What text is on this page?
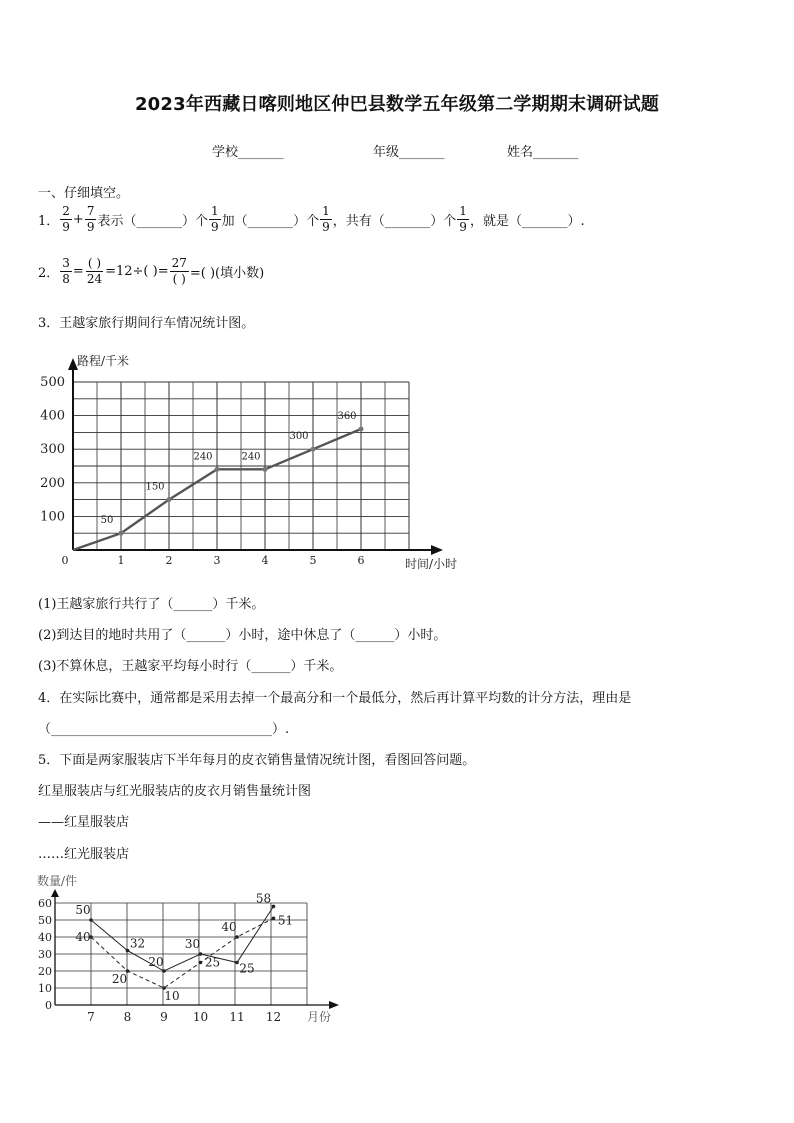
2023年西藏日喀则地区仲巴县数学五年级第二学期期末调研试题
学校_______	年级_______	姓名_______
一、仔细填空。
1． $\frac{2}{9} + \frac{7}{9}$ 表示（_______）个 $\frac{1}{9}$ 加（_______）个 $\frac{1}{9}$ ，共有（_______）个 $\frac{1}{9}$ ，就是（_______）.
2． $\frac{3}{8} = \frac{( )}{24} =12\div$( )= $\frac{27}{( )}$ =( )(填小数)
3．王越家旅行期间行车情况统计图。
100
200
300
400
500
0	1	2	3	4	5	6
路程/千米
时间/小时
50
150
240	240
300
360
(1)王越家旅行共行了（______）千米。
(2)到达目的地时共用了（______）小时，途中休息了（______）小时。
(3)不算休息，王越家平均每小时行（______）千米。
4．在实际比赛中，通常都是采用去掉一个最高分和一个最低分，然后再计算平均数的计分方法，理由是
（__________________________________）.
5．下面是两家服装店下半年每月的皮衣销售量情况统计图，看图回答问题。
红星服装店与红光服装店的皮衣月销售量统计图
——红星服装店
……红光服装店
0
10
20
30
40
50
60
7 8 9 10 11 12
数量/件
月份
50
32
20
30
25
58
40
20
10
25
40	51
